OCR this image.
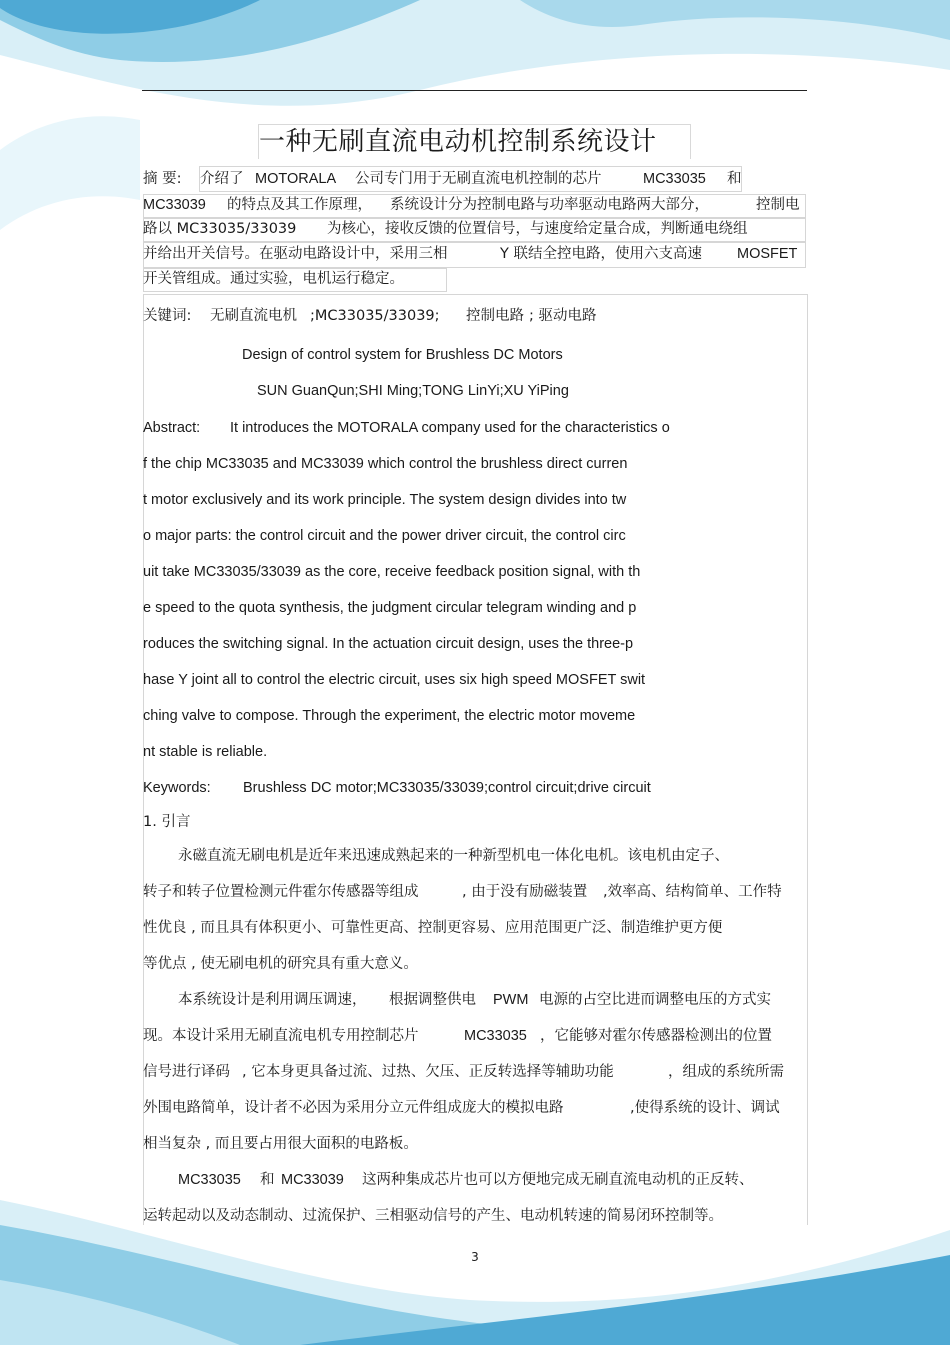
一种无刷直流电动机控制系统设计
摘 要: 介绍了 MOTORALA 公司专门用于无刷直流电机控制的芯片	MC33035 和
MC33039 的特点及其工作原理， 系统设计分为控制电路与功率驱动电路两大部分，	控制电
路以 MC33035/33039 为核心，接收反馈的位置信号，与速度给定量合成，判断通电绕组
并给出开关信号。在驱动电路设计中，采用三相	Y 联结全控电路，使用六支高速 MOSFET
开关管组成。通过实验，电机运行稳定。
关键词: 无刷直流电机 ;MC33035/33039; 控制电路 ; 驱动电路
Design of control system for Brushless DC Motors
SUN GuanQun;SHI Ming;TONG LinYi;XU YiPing
Abstract: It introduces the MOTORALA company used for the characteristics o
f the chip MC33035 and MC33039 which control the brushless direct curren
t motor exclusively and its work principle. The system design divides into tw
o major parts: the control circuit and the power driver circuit, the control circ
uit take MC33035/33039 as the core, receive feedback position signal, with th
e speed to the quota synthesis, the judgment circular telegram winding and p
roduces the switching signal. In the actuation circuit design, uses the three-p
hase Y joint all to control the electric circuit, uses six high speed MOSFET swit
ching valve to compose. Through the experiment, the electric motor moveme
nt stable is reliable.
Keywords: Brushless DC motor;MC33035/33039;control circuit;drive circuit
1. 引言
永磁直流无刷电机是近年来迅速成熟起来的一种新型机电一体化电机。该电机由定子、
转子和转子位置检测元件霍尔传感器等组成	, 由于没有励磁装置 ,效率高、结构简单、工作特
性优良 , 而且具有体积更小、可靠性更高、控制更容易、应用范围更广泛、制造维护更方便
等优点 , 使无刷电机的研究具有重大意义。
本系统设计是利用调压调速， 根据调整供电 PWM 电源的占空比进而调整电压的方式实
现。本设计采用无刷直流电机专用控制芯片	MC33035 ，它能够对霍尔传感器检测出的位置
信号进行译码 , 它本身更具备过流、过热、欠压、正反转选择等辅助功能	，组成的系统所需
外围电路简单，设计者不必因为采用分立元件组成庞大的模拟电路	,使得系统的设计、调试
相当复杂 , 而且要占用很大面积的电路板。
MC33035 和 MC33039 这两种集成芯片也可以方便地完成无刷直流电动机的正反转、
运转起动以及动态制动、过流保护、三相驱动信号的产生、电动机转速的简易闭环控制等。
3
